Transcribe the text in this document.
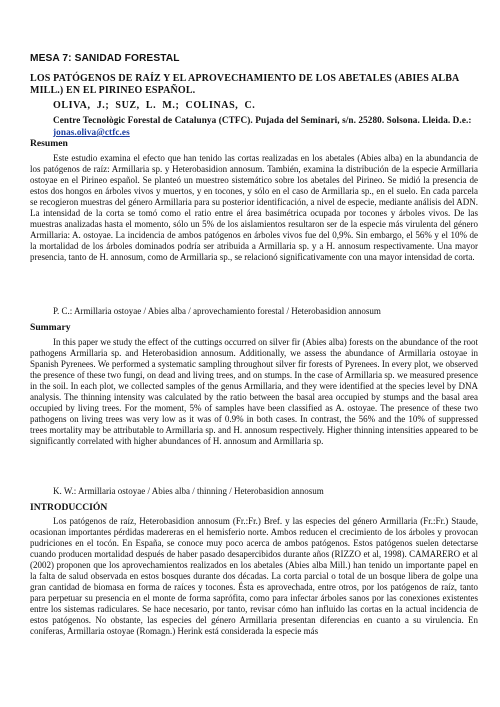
MESA 7: SANIDAD FORESTAL
LOS PATÓGENOS DE RAÍZ Y EL APROVECHAMIENTO DE LOS ABETALES (ABIES ALBA MILL.) EN EL PIRINEO ESPAÑOL.
OLIVA, J.; SUZ, L. M.; COLINAS, C.
Centre Tecnològic Forestal de Catalunya (CTFC). Pujada del Seminari, s/n. 25280. Solsona. Lleida. D.e.: jonas.oliva@ctfc.es
Resumen

Este estudio examina el efecto que han tenido las cortas realizadas en los abetales (Abies alba) en la abundancia de los patógenos de raíz: Armillaria sp. y Heterobasidion annosum. También, examina la distribución de la especie Armillaria ostoyae en el Pirineo español. Se planteó un muestreo sistemático sobre los abetales del Pirineo. Se midió la presencia de estos dos hongos en árboles vivos y muertos, y en tocones, y sólo en el caso de Armillaria sp., en el suelo. En cada parcela se recogieron muestras del género Armillaria para su posterior identificación, a nivel de especie, mediante análisis del ADN. La intensidad de la corta se tomó como el ratio entre el área basimétrica ocupada por tocones y árboles vivos. De las muestras analizadas hasta el momento, sólo un 5% de los aislamientos resultaron ser de la especie más virulenta del género Armillaria: A. ostoyae. La incidencia de ambos patógenos en árboles vivos fue del 0,9%. Sin embargo, el 56% y el 10% de la mortalidad de los árboles dominados podría ser atribuida a Armillaria sp. y a H. annosum respectivamente. Una mayor presencia, tanto de H. annosum, como de Armillaria sp., se relacionó significativamente con una mayor intensidad de corta.

P. C.: Armillaria ostoyae / Abies alba / aprovechamiento forestal / Heterobasidion annosum
Summary

In this paper we study the effect of the cuttings occurred on silver fir (Abies alba) forests on the abundance of the root pathogens Armillaria sp. and Heterobasidion annosum. Additionally, we assess the abundance of Armillaria ostoyae in Spanish Pyrenees. We performed a systematic sampling throughout silver fir forests of Pyrenees. In every plot, we observed the presence of these two fungi, on dead and living trees, and on stumps. In the case of Armillaria sp. we measured presence in the soil. In each plot, we collected samples of the genus Armillaria, and they were identified at the species level by DNA analysis. The thinning intensity was calculated by the ratio between the basal area occupied by stumps and the basal area occupied by living trees. For the moment, 5% of samples have been classified as A. ostoyae. The presence of these two pathogens on living trees was very low as it was of 0.9% in both cases. In contrast, the 56% and the 10% of suppressed trees mortality may be attributable to Armillaria sp. and H. annosum respectively. Higher thinning intensities appeared to be significantly correlated with higher abundances of H. annosum and Armillaria sp.

K. W.: Armillaria ostoyae / Abies alba / thinning / Heterobasidion annosum
INTRODUCCIÓN

Los patógenos de raíz, Heterobasidion annosum (Fr.:Fr.) Bref. y las especies del género Armillaria (Fr.:Fr.) Staude, ocasionan importantes pérdidas madereras en el hemisferio norte. Ambos reducen el crecimiento de los árboles y provocan pudriciones en el tocón. En España, se conoce muy poco acerca de ambos patógenos. Estos patógenos suelen detectarse cuando producen mortalidad después de haber pasado desapercibidos durante años (RIZZO et al, 1998). CAMARERO et al (2002) proponen que los aprovechamientos realizados en los abetales (Abies alba Mill.) han tenido un importante papel en la falta de salud observada en estos bosques durante dos décadas. La corta parcial o total de un bosque libera de golpe una gran cantidad de biomasa en forma de raíces y tocones. Ésta es aprovechada, entre otros, por los patógenos de raíz, tanto para perpetuar su presencia en el monte de forma saprófita, como para infectar árboles sanos por las conexiones existentes entre los sistemas radiculares. Se hace necesario, por tanto, revisar cómo han influido las cortas en la actual incidencia de estos patógenos. No obstante, las especies del género Armillaria presentan diferencias en cuanto a su virulencia. En coníferas, Armillaria ostoyae (Romagn.) Herink está considerada la especie más
